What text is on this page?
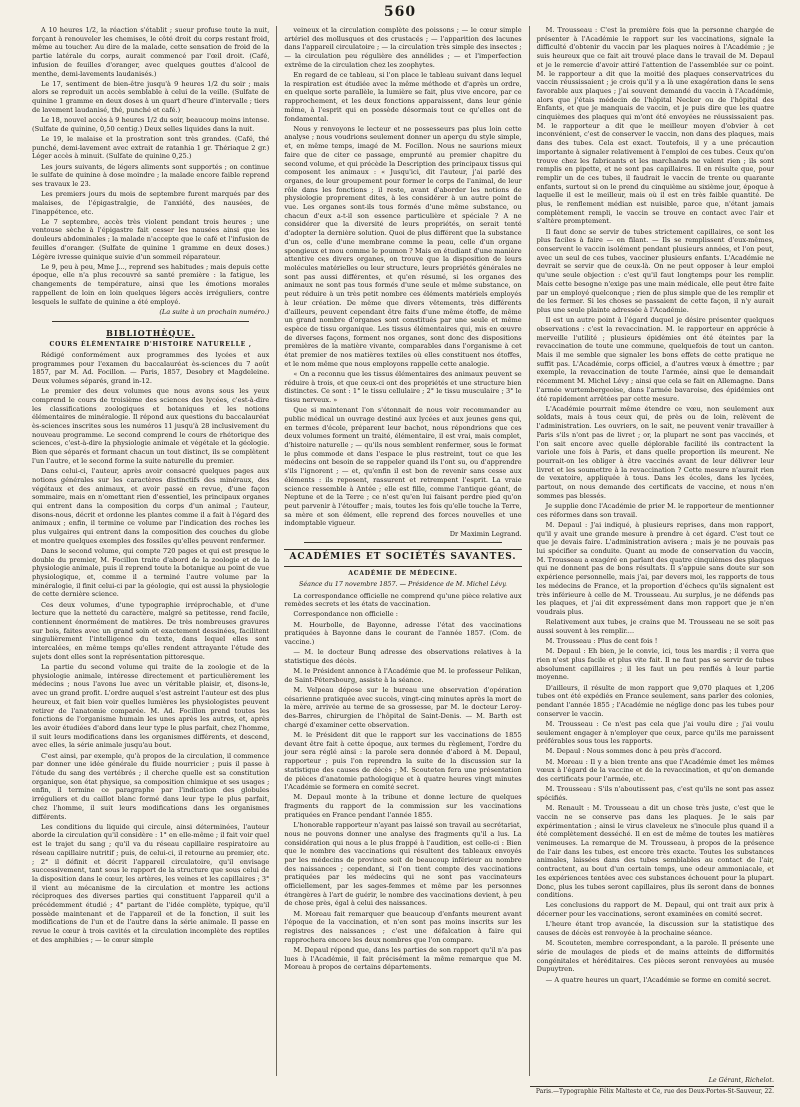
560

A 10 heures 1/2, la réaction s'établit ; sueur profuse toute la nuit, forçant à renouveler les chemises, le côté droit du corps restant froid, même au toucher. Au dire de la malade, cette sensation de froid de la partie latérale du corps, aurait commencé par l'œil droit. (Café, infusion de feuilles d'oranger, avec quelques gouttes d'alcool de menthe, demi-lavements laudanisés.)

Le 17, sentiment de bien-être jusqu'à 9 heures 1/2 du soir ; mais alors se reproduit un accès semblable à celui de la veille. (Sulfate de quinine 1 gramme en deux doses à un quart d'heure d'intervalle ; tiers de lavement laudanisé, thé, punché et café.)

Le 18, nouvel accès à 9 heures 1/2 du soir, beaucoup moins intense. (Sulfate de quinine, 0,50 centig.) Deux selles liquides dans la nuit.

Le 19, le malaise et la prostration sont très grandes. (Café, thé punché, demi-lavement avec extrait de ratanhia 1 gr. Thériaque 2 gr.) Léger accès à minuit. (Sulfate de quinine 0,25.)

Les jours suivants, de légers aliments sont supportés ; on continue le sulfate de quinine à dose moindre ; la malade encore faible reprend ses travaux le 23.

Les premiers jours du mois de septembre furent marqués par des malaises, de l'épigastralgie, de l'anxiété, des nausées, de l'inappétence, etc.

Le 7 septembre, accès très violent pendant trois heures ; une ventouse sèche à l'épigastre fait cesser les nausées ainsi que les douleurs abdominales ; la malade n'accepte que le café et l'infusion de feuilles d'oranger. (Sulfate de quinine 1 gramme en deux doses.) Légère ivresse quinique suivie d'un sommeil réparateur.

Le 9, peu à peu, Mme J..., reprend ses habitudes ; mais depuis cette époque, elle n'a plus recouvré sa santé première : la fatigue, les changements de température, ainsi que les émotions morales rappellent de loin en loin quelques légers accès irréguliers, contre lesquels le sulfate de quinine a été employé.

(La suite à un prochain numéro.)

BIBLIOTHÈQUE.
COURS ÉLÉMENTAIRE D'HISTOIRE NATURELLE ,

Rédigé conformément aux programmes des lycées et aux programmes pour l'examen du baccalauréat ès-sciences du 7 août 1857, par M. Ad. Focillon. — Paris, 1857, Desobry et Magdeleine. Deux volumes séparés, grand in-12.

Le premier des deux volumes que nous avons sous les yeux comprend le cours de troisième des sciences des lycées, c'est-à-dire les classifications zoologiques et botaniques et les notions élémentaires de minéralogie. Il répond aux questions du baccalauréat ès-sciences inscrites sous les numéros 11 jusqu'à 28 inclusivement du nouveau programme. Le second comprend le cours de rhétorique des sciences, c'est-à-dire la physiologie animale et végétale et la géologie. Bien que séparés et formant chacun un tout distinct, ils se complètent l'un l'autre, et le second forme la suite naturelle du premier.

Dans celui-ci, l'auteur, après avoir consacré quelques pages aux notions générales sur les caractères distinctifs des minéraux, des végétaux et des animaux, et avoir passé en revue, d'une façon sommaire, mais en n'omettant rien d'essentiel, les principaux organes qui entrent dans la composition du corps d'un animal ; l'auteur, disons-nous, décrit et ordonne les plantes comme il a fait à l'égard des animaux ; enfin, il termine ce volume par l'indication des roches les plus vulgaires qui entrent dans la composition des couches du globe et montre quelques exemples des fossiles qu'elles peuvent renfermer.

Dans le second volume, qui compte 720 pages et qui est presque le double du premier, M. Focillon traite d'abord de la zoologie et de la physiologie animale, puis il reprend toute la botanique au point de vue physiologique, et, comme il a terminé l'autre volume par la minéralogie, il finit celui-ci par la géologie, qui est aussi la physiologie de cette dernière science.

Ces deux volumes, d'une typographie irréprochable, et d'une lecture que la netteté du caractère, malgré sa petitesse, rend facile, contiennent énormément de matières. De très nombreuses gravures sur bois, faites avec un grand soin et exactement dessinées, facilitent singulièrement l'intelligence du texte, dans lequel elles sont intercalées, en même temps qu'elles rendent attrayante l'étude des sujets dont elles sont la représentation pittoresque.

La partie du second volume qui traite de la zoologie et de la physiologie animale, intéresse directement et particulièrement les médecins ; nous l'avons lue avec un véritable plaisir, et, disons-le, avec un grand profit. L'ordre auquel s'est astreint l'auteur est des plus heureux, et fait bien voir quelles lumières les physiologistes peuvent retirer de l'anatomie comparée. M. Ad. Focillon prend toutes les fonctions de l'organisme humain les unes après les autres, et, après les avoir étudiées d'abord dans leur type le plus parfait, chez l'homme, il suit leurs modifications dans les organismes différents, et descend, avec elles, la série animale jusqu'au bout.

C'est ainsi, par exemple, qu'à propos de la circulation, il commence par donner une idée générale du fluide nourricier ; puis il passe à l'étude du sang des vertébrés ; il cherche quelle est sa constitution organique, son état physique, sa composition chimique et ses usages ; enfin, il termine ce paragraphe par l'indication des globules irréguliers et du caillot blanc formé dans leur type le plus parfait, chez l'homme, il suit leurs modifications dans les organismes différents.

Les conditions du liquide qui circule, ainsi déterminées, l'auteur aborde la circulation qu'il considère : 1° en elle-même ; il fait voir quel est le trajet du sang ; qu'il va du réseau capillaire respiratoire au réseau capillaire nutritif ; puis, de celui-ci, il retourne au premier, etc. ; 2° il définit et décrit l'appareil circulatoire, qu'il envisage successivement, tant sous le rapport de la structure que sous celui de la disposition dans le cœur, les artères, les veines et les capillaires ; 3° il vient au mécanisme de la circulation et montre les actions réciproques des diverses parties qui constituent l'appareil qu'il a précédemment étudié ; 4° partant de l'idée complète, typique, qu'il possède maintenant et de l'appareil et de la fonction, il suit les modifications de l'un et de l'autre dans la série animale. Il passe en revue le cœur à trois cavités et la circulation incomplète des reptiles et des amphibies ; — le cœur simple

veineux et la circulation complète des poissons ; — le cœur simple artériel des mollusques et des crustacés ; — l'apparition des lacunes dans l'appareil circulatoire ; — la circulation très simple des insectes ; — la circulation peu régulière des annélides ; — et l'imperfection extrême de la circulation chez les zoophytes.

En regard de ce tableau, si l'on place le tableau suivant dans lequel la respiration est étudiée avec la même méthode et d'après un ordre, en quelque sorte parallèle, la lumière se fait, plus vive encore, par ce rapprochement, et les deux fonctions apparaissent, dans leur génie même, à l'esprit qui en possède désormais tout ce qu'elles ont de fondamental.

Nous y renvoyons le lecteur et ne possesseurs pas plus loin cette analyse ; nous voudrions seulement donner un aperçu du style simple, et, en même temps, imagé de M. Focillon. Nous ne saurions mieux faire que de citer ce passage, emprunté au premier chapitre du second volume, et qui précède la Description des principaux tissus qui composent les animaux : « Jusqu'ici, dit l'auteur, j'ai parlé des organes, de leur groupement pour former le corps de l'animal, de leur rôle dans les fonctions ; il reste, avant d'aborder les notions de physiologie proprement dites, à les considérer à un autre point de vue. Les organes sont-ils tous formés d'une même substance, ou chacun d'eux a-t-il son essence particulière et spéciale ? A ne considérer que la diversité de leurs propriétés, on serait tenté d'adopter la dernière solution. Quoi de plus différent que la substance d'un os, celle d'une membrane comme la peau, celle d'un organe spongieux et mou comme le poumon ? Mais en étudiant d'une manière attentive ces divers organes, on trouve que la disposition de leurs molécules matérielles ou leur structure, leurs propriétés générales ne sont pas aussi différentes, et qu'en résumé, si les organes des animaux ne sont pas tous formés d'une seule et même substance, on peut réduire à un très petit nombre ces éléments matériels employés à leur création. De même que divers vêtements, très différents d'ailleurs, peuvent cependant être faits d'une même étoffe, de même un grand nombre d'organes sont constitués par une seule et même espèce de tissu organique. Les tissus élémentaires qui, mis en œuvre de diverses façons, forment nos organes, sont donc des dispositions premières de la matière vivante, comparables dans l'organisme à cet état premier de nos matières textiles où elles constituent nos étoffes, et le nom même que nous employons rappelle cette analogie.

« On a reconnu que les tissus élémentaires des animaux peuvent se réduire à trois, et que ceux-ci ont des propriétés et une structure bien distinctes. Ce sont : 1° le tissu cellulaire ; 2° le tissu musculaire ; 3° le tissu nerveux. »

Que si maintenant l'on s'étonnait de nous voir recommander au public médical un ouvrage destiné aux lycées et aux jeunes gens qui, en termes d'école, préparent leur bachot, nous répondrions que ces deux volumes forment un traité, élémentaire, il est vrai, mais complet, d'histoire naturelle ; — qu'ils nous semblent renfermer, sous le format le plus commode et dans l'espace le plus restreint, tout ce que les médecins ont besoin de se rappeler quand ils l'ont su, ou d'apprendre s'ils l'ignorent ; — et, qu'enfin il est bon de revenir sans cesse aux éléments : ils reposent, rassurent et retrempent l'esprit. La vraie science ressemble à Antée ; elle est fille, comme l'antique géant, de Neptune et de la Terre ; ce n'est qu'en lui faisant perdre pied qu'on peut parvenir à l'étouffer ; mais, toutes les fois qu'elle touche la Terre, sa mère et son élément, elle reprend des forces nouvelles et une indomptable vigueur.

Dr Maximin Legrand.

ACADÉMIES ET SOCIÉTÉS SAVANTES.
ACADÉMIE DE MÉDECINE.
Séance du 17 novembre 1857. — Présidence de M. Michel Lévy.

La correspondance officielle ne comprend qu'une pièce relative aux remèdes secrets et les états de vaccination.

Correspondance non officielle :

M. Hourbolle, de Bayonne, adresse l'état des vaccinations pratiquées à Bayonne dans le courant de l'année 1857. (Com. de vaccine.)

— M. le docteur Bunq adresse des observations relatives à la statistique des décès.

M. le Président annonce à l'Académie que M. le professeur Pelikan, de Saint-Pétersbourg, assiste à la séance.

M. Velpeau dépose sur le bureau une observation d'opération césarienne pratiquée avec succès, vingt-cinq minutes après la mort de la mère, arrivée au terme de sa grossesse, par M. le docteur Leroy-des-Barres, chirurgien de l'hôpital de Saint-Denis. — M. Barth est chargé d'examiner cette observation.

M. le Président dit que le rapport sur les vaccinations de 1855 devant être fait à cette époque, aux termes du règlement, l'ordre du jour sera réglé ainsi : la parole sera donnée d'abord à M. Depaul, rapporteur ; puis l'on reprendra la suite de la discussion sur la statistique des causes de décès ; M. Scouteten fera une présentation de pièces d'anatomie pathologique et à quatre heures vingt minutes l'Académie se formera en comité secret.

M. Depaul monte à la tribune et donne lecture de quelques fragments du rapport de la commission sur les vaccinations pratiquées en France pendant l'année 1855.

L'honorable rapporteur n'ayant pas laissé son travail au secrétariat, nous ne pouvons donner une analyse des fragments qu'il a lus. La considération qui nous a le plus frappé à l'audition, est celle-ci : Bien que le nombre des vaccinations qui résultent des tableaux envoyés par les médecins de province soit de beaucoup inférieur au nombre des naissances ; cependant, si l'on tient compte des vaccinations pratiquées par les médecins qui ne sont pas vaccinateurs officiellement, par les sages-femmes et même par les personnes étrangères à l'art de guérir, le nombre des vaccinations devient, à peu de chose près, égal à celui des naissances.

M. Moreau fait remarquer que beaucoup d'enfants meurent avant l'époque de la vaccination, et n'en sont pas moins inscrits sur les registres des naissances ; c'est une défalcation à faire qui rapprochera encore les deux nombres que l'on compare.

M. Depaul répond que, dans les parties de son rapport qu'il n'a pas lues à l'Académie, il fait précisément la même remarque que M. Moreau à propos de certains départements.

M. Trousseau : C'est la première fois que la personne chargée de présenter à l'Académie le rapport sur les vaccinations, signale la difficulté d'obtenir du vaccin par les plaques noires à l'Académie ; je suis heureux que ce fait ait trouvé place dans le travail de M. Depaul et je le remercie d'avoir attiré l'attention de l'assemblée sur ce point. M. le rapporteur a dit que la moitié des plaques conservatrices du vaccin réussissaient ; je crois qu'il y a là une exagération dans le sens favorable aux plaques ; j'ai souvent demandé du vaccin à l'Académie, alors que j'étais médecin de l'hôpital Necker ou de l'hôpital des Enfants, et que je manquais de vaccin, et je puis dire que les quatre cinquièmes des plaques qui m'ont été envoyées ne réussissaient pas. M. le rapporteur a dit que le meilleur moyen d'obvier à cet inconvénient, c'est de conserver le vaccin, non dans des plaques, mais dans des tubes. Cela est exact. Toutefois, il y a une précaution importante à signaler relativement à l'emploi de ces tubes. Ceux qu'on trouve chez les fabricants et les marchands ne valent rien ; ils sont remplis en pipette, et ne sont pas capillaires. Il en résulte que, pour remplir un de ces tubes, il faudrait le vaccin de trente ou quarante enfants, surtout si on le prend du cinquième au sixième jour, époque à laquelle il est le meilleur, mais où il est en très faible quantité. De plus, le renflement médian est nuisible, parce que, n'étant jamais complètement rempli, le vaccin se trouve en contact avec l'air et s'altère promptement.

Il faut donc se servir de tubes strictement capillaires, ce sont les plus faciles à faire — en filant. — Ils se remplissent d'eux-mêmes, conservent le vaccin isolément pendant plusieurs années, et l'on peut, avec un seul de ces tubes, vacciner plusieurs enfants. L'Académie ne devrait se servir que de ceux-là. On ne peut opposer à leur emploi qu'une seule objection : c'est qu'il faut longtemps pour les remplir. Mais cette besogne n'exige pas une main médicale, elle peut être faite par un employé quelconque ; rien de plus simple que de les remplir et de les fermer. Si les choses se passaient de cette façon, il n'y aurait plus une seule plainte adressée à l'Académie.

Il est un autre point à l'égard duquel je désire présenter quelques observations : c'est la revaccination. M. le rapporteur en apprécie à merveille l'utilité ; plusieurs épidémies ont été éteintes par la revaccination de toute une commune, quelquefois de tout un canton. Mais il me semble que signaler les bons effets de cette pratique ne suffit pas. L'Académie, corps officiel, a d'autres vœux à émettre ; par exemple, la revaccination de toute l'armée, ainsi que le demandait récemment M. Michel Lévy ; ainsi que cela se fait en Allemagne. Dans l'armée wurtembergeoise, dans l'armée bavaroise, des épidémies ont été rapidement arrêtées par cette mesure.

L'Académie pourrait même étendre ce vœu, non seulement aux soldats, mais à tous ceux qui, de près ou de loin, relèvent de l'administration. Les ouvriers, on le sait, ne peuvent venir travailler à Paris s'ils n'ont pas de livret ; or, la plupart ne sont pas vaccinés, et l'on sait encore avec quelle déplorable facilité ils contractent la variole une fois à Paris, et dans quelle proportion ils meurent. Ne pourrait-on les obliger à être vaccinés avant de leur délivrer leur livret et les soumettre à la revaccination ? Cette mesure n'aurait rien de vexatoire, appliquée à tous. Dans les écoles, dans les lycées, partout, on nous demande des certificats de vaccine, et nous n'en sommes pas blessés.

Je supplie donc l'Académie de prier M. le rapporteur de mentionner ces réformes dans son travail.

M. Depaul : J'ai indiqué, à plusieurs reprises, dans mon rapport, qu'il y avait une grande mesure à prendre à cet égard. C'est tout ce que je devais faire. L'administration avisera ; mais je ne pouvais pas lui spécifier sa conduite. Quant au mode de conservation du vaccin, M. Trousseau a exagéré en parlant des quatre cinquièmes des plaques qui ne donnent pas de bons résultats. Il s'appuie sans doute sur son expérience personnelle, mais j'ai, par devers moi, les rapports de tous les médecins de France, et la proportion d'échecs qu'ils signalent est très inférieure à celle de M. Trousseau. Au surplus, je ne défends pas les plaques, et j'ai dit expressément dans mon rapport que je n'en voudrais plus.

Relativement aux tubes, je crains que M. Trousseau ne se soit pas aussi souvent à les remplir....

M. Trousseau : Plus de cent fois !

M. Depaul : Eh bien, je le convie, ici, tous les mardis ; il verra que rien n'est plus facile et plus vite fait. Il ne faut pas se servir de tubes absolument capillaires ; il les faut un peu renflés à leur partie moyenne.

D'ailleurs, il résulte de mon rapport que 9,070 plaques et 1,206 tubes ont été expédiés en France seulement, sans parler des colonies, pendant l'année 1855 ; l'Académie ne néglige donc pas les tubes pour conserver le vaccin.

M. Trousseau : Ce n'est pas cela que j'ai voulu dire ; j'ai voulu seulement engager à n'employer que ceux, parce qu'ils me paraissent préférables sous tous les rapports.

M. Depaul : Nous sommes donc à peu près d'accord.

M. Moreau : Il y a bien trente ans que l'Académie émet les mêmes vœux à l'égard de la vaccine et de la revaccination, et qu'on demande des certificats pour l'armée, etc.

M. Trousseau : S'ils n'aboutissent pas, c'est qu'ils ne sont pas assez spécifiés.

M. Renault : M. Trousseau a dit un chose très juste, c'est que le vaccin ne se conserve pas dans les plaques. Je le sais par expérimentation ; ainsi le virus claveleux ne s'inocule plus quand il a été complètement desséché. Il en est de même de toutes les matières venimeuses. La remarque de M. Trousseau, à propos de la présence de l'air dans les tubes, est encore très exacte. Toutes les substances animales, laissées dans des tubes semblables au contact de l'air, contractent, au bout d'un certain temps, une odeur ammoniacale, et les expériences tentées avec ces substances échouent pour la plupart. Donc, plus les tubes seront capillaires, plus ils seront dans de bonnes conditions.

Les conclusions du rapport de M. Depaul, qui ont trait aux prix à décerner pour les vaccinations, seront examinées en comité secret.

L'heure étant trop avancée, la discussion sur la statistique des causes de décès est renvoyée à la prochaine séance.

M. Scouteten, membre correspondant, a la parole. Il présente une série de moulages de pieds et de mains atteints de difformités congénitales et héréditaires. Ces pièces seront renvoyées au musée Dupuytren.

— A quatre heures un quart, l'Académie se forme en comité secret.

Le Gérant, Richelot.
Paris.—Typographie Félix Malteste et Ce, rue des Deux-Portes-St-Sauveur, 22.
